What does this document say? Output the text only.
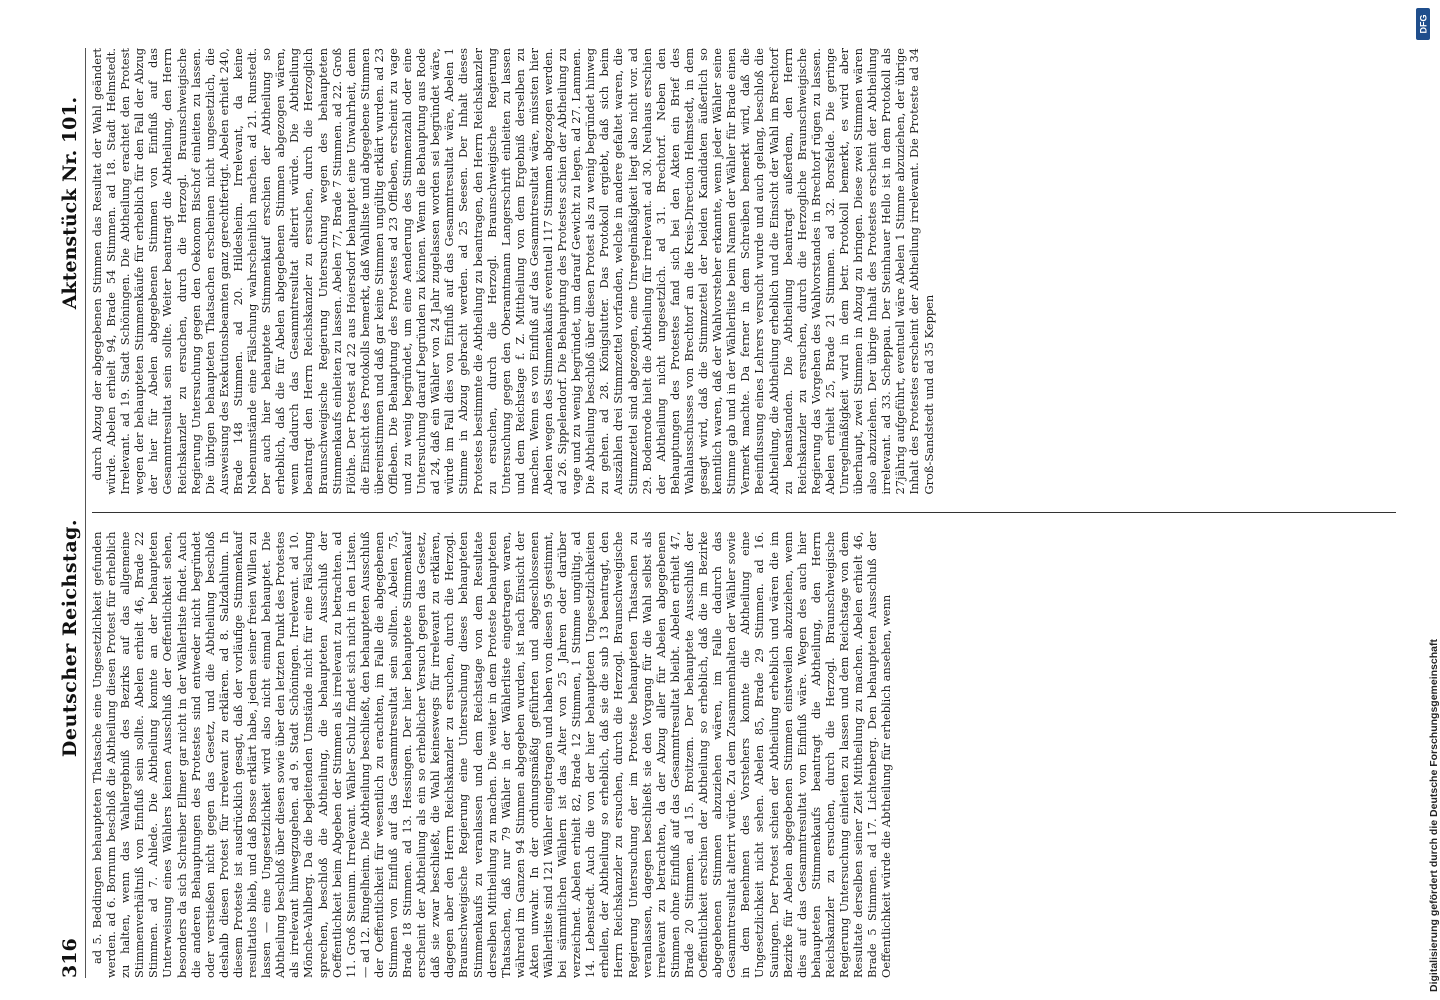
316
Deutscher Reichstag.
Aktenstück Nr. 101.

ad 5. Beddingen behaupteten Thatsache eine Ungesetzlichkeit gefunden werden. ad 6. Bornum beschloß die Abtheilung diesen Protest für erheblich zu halten, wenn das Wahlergebniß des Bezirks auf das allgemeine Stimmenverhältniß von Einfluß sein sollte. Abelen erhielt 46, Brade 22 Stimmen. ad 7. Ahlede. Die Abtheilung konnte an der behaupteten Unterweisung eines Wählers keinen Ausschluß der Oeffentlichkeit sehen, besonders da sich Schreiber Ellmer gar nicht in der Wählerliste findet. Auch die anderen Behauptungen des Protestes sind entweder nicht begründet oder verstießen nicht gegen das Gesetz, und die Abtheilung beschloß deshalb diesen Protest für irrelevant zu erklären. ad 8. Salzdahlum. In diesem Proteste ist ausdrücklich gesagt, daß der vorläufige Stimmenkauf resultatlos blieb, und daß Bosse erklärt habe, jedem seiner freien Willen zu lassen — eine Ungesetzlichkeit wird also nicht einmal behauptet. Die Abtheilung beschloß über diesen sowie über den letzten Punkt des Protestes als irrelevant hinwegzugehen. ad 9. Stadt Schöningen. Irrelevant. ad 10. Mönche-Vahlberg. Da die begleitenden Umstände nicht für eine Fälschung sprechen, beschloß die Abtheilung, die behaupteten Ausschluß der Oeffentlichkeit beim Abgeben der Stimmen als irrelevant zu betrachten. ad 11. Groß Steinum. Irrelevant. Wähler Schulz findet sich nicht in den Listen. — ad 12. Ringelheim. Die Abtheilung beschließt, den behaupteten Ausschluß der Oeffentlichkeit für wesentlich zu erachten, im Falle die abgegebenen Stimmen von Einfluß auf das Gesammtresultat sein sollten. Abelen 75, Brade 18 Stimmen. ad 13. Hessingen. Der hier behauptete Stimmenkauf erscheint der Abtheilung als ein so erheblicher Versuch gegen das Gesetz, daß sie zwar beschließt, die Wahl keineswegs für irrelevant zu erklären, dagegen aber den Herrn Reichskanzler zu ersuchen, durch die Herzogl. Braunschweigische Regierung eine Untersuchung dieses behaupteten Stimmenkaufs zu veranlassen und dem Reichstage von dem Resultate derselben Mittheilung zu machen. Die weiter in dem Proteste behaupteten Thatsachen, daß nur 79 Wähler in der Wählerliste eingetragen waren, während im Ganzen 94 Stimmen abgegeben wurden, ist nach Einsicht der Akten unwahr. In der ordnungsmäßig geführten und abgeschlossenen Wählerliste sind 121 Wähler eingetragen und haben von diesen 95 gestimmt, bei sämmtlichen Wählern ist das Alter von 25 Jahren oder darüber verzeichnet. Abelen erhielt 82, Brade 12 Stimmen, 1 Stimme ungültig. ad 14. Lebenstedt. Auch die von der hier behaupteten Ungesetzlichkeiten erhellen, der Abtheilung so erheblich, daß sie die sub 13 beantragt, den Herrn Reichskanzler zu ersuchen, durch die Herzogl. Braunschweigische Regierung Untersuchung der im Proteste behaupteten Thatsachen zu veranlassen, dagegen beschließt sie den Vorgang für die Wahl selbst als irrelevant zu betrachten, da der Abzug aller für Abelen abgegebenen Stimmen ohne Einfluß auf das Gesammtresultat bleibt. Abelen erhielt 47, Brade 20 Stimmen. ad 15. Broitzem. Der behauptete Ausschluß der Oeffentlichkeit erschien der Abtheilung so erheblich, daß die im Bezirke abgegebenen Stimmen abzuziehen wären, im Falle dadurch das Gesammtresultat alterirt würde. Zu dem Zusammenhalten der Wähler sowie in dem Benehmen des Vorstehers konnte die Abtheilung eine Ungesetzlichkeit nicht sehen. Abelen 85, Brade 29 Stimmen. ad 16. Sauingen. Der Protest schien der Abtheilung erheblich und wären die im Bezirke für Abelen abgegebenen Stimmen einstweilen abzuziehen, wenn dies auf das Gesammtresultat von Einfluß wäre. Wegen des auch hier behaupteten Stimmenkaufs beantragt die Abtheilung, den Herrn Reichskanzler zu ersuchen, durch die Herzogl. Braunschweigische Regierung Untersuchung einleiten zu lassen und dem Reichstage von dem Resultate derselben seiner Zeit Mittheilung zu machen. Abelen erhielt 46, Brade 5 Stimmen. ad 17. Lichtenberg. Den behaupteten Ausschluß der Oeffentlichkeit würde die Abtheilung für erheblich ansehen, wenn

durch Abzug der abgegebenen Stimmen das Resultat der Wahl geändert würde. Abelen erhielt 94, Brade 54 Stimmen. ad 18. Stadt Helmstedt. Irrelevant. ad 19. Stadt Schöningen. Die Abtheilung erachtet den Protest wegen der behaupteten Stimmenkäufe für erheblich für den Fall der Abzug der hier für Abelen abgegebenen Stimmen von Einfluß auf das Gesammtresultat sein sollte. Weiter beantragt die Abtheilung, den Herrn Reichskanzler zu ersuchen, durch die Herzogl. Braunschweigische Regierung Untersuchung gegen den Oekonom Bischof einleiten zu lassen. Die übrigen behaupteten Thatsachen erscheinen nicht ungesetzlich, die Ausweisung des Exekutionsbeamten ganz gerechtfertigt. Abelen erhielt 240, Brade 148 Stimmen. ad 20. Hildesheim. Irrelevant, da keine Nebenumstände eine Fälschung wahrscheinlich machen. ad 21. Runstedt. Der auch hier behauptete Stimmenkauf erschien der Abtheilung so erheblich, daß die für Abelen abgegebenen Stimmen abgezogen wären, wenn dadurch das Gesammtresultat alterirt würde. Die Abtheilung beantragt den Herrn Reichskanzler zu ersuchen, durch die Herzoglich Braunschweigische Regierung Untersuchung wegen des behaupteten Stimmenkaufs einleiten zu lassen. Abelen 77, Brade 7 Stimmen. ad 22. Groß Flöthe. Der Protest ad 22 aus Hoiersdorf behauptet eine Unwahrheit, denn die Einsicht des Protokolls bemerkt, daß Wahlliste und abgegebene Stimmen übereinstimmen und daß gar keine Stimmen ungültig erklärt wurden. ad 23 Offleben. Die Behauptung des Protestes ad 23 Offleben, erscheint zu vage und zu wenig begründet, um eine Aenderung des Stimmenzahl oder eine Untersuchung darauf begründen zu können. Wenn die Behauptung aus Rode ad 24, daß ein Wähler von 24 Jahr zugelassen worden sei begründet wäre, würde im Fall dies von Einfluß auf das Gesammtresultat wäre, Abelen 1 Stimme in Abzug gebracht werden. ad 25 Seesen. Der Inhalt dieses Protestes bestimmte die Abtheilung zu beantragen, den Herrn Reichskanzler zu ersuchen, durch die Herzogl. Braunschweigische Regierung Untersuchung gegen den Oberamtmann Langerschrift einleiten zu lassen und dem Reichstage f. Z. Mittheilung von dem Ergebniß derselben zu machen. Wenn es von Einfluß auf das Gesammtresultat wäre, müssten hier Abelen wegen des Stimmenkaufs eventuell 117 Stimmen abgezogen werden. ad 26. Sippelendorf. Die Behauptung des Protestes schien der Abtheilung zu vage und zu wenig begründet, um darauf Gewicht zu legen. ad 27. Lammen. Die Abtheilung beschloß über diesen Protest als zu wenig begründet hinweg zu gehen. ad 28. Königslutter. Das Protokoll ergiebt, daß sich beim Auszählen drei Stimmzettel vorfanden, welche in andere gefaltet waren, die Stimmzettel sind abgezogen, eine Unregelmäßigkeit liegt also nicht vor. ad 29. Bodenrode hielt die Abtheilung für irrelevant. ad 30. Neuhaus erschien der Abtheilung nicht ungesetzlich. ad 31. Brechtorf. Neben den Behauptungen des Protestes fand sich bei den Akten ein Brief des Wahlausschusses von Brechtorf an die Kreis-Direction Helmstedt, in dem gesagt wird, daß die Stimmzettel der beiden Kandidaten äußerlich so kenntlich waren, daß der Wahlvorsteher erkannte, wenn jeder Wähler seine Stimme gab und in der Wählerliste beim Namen der Wähler für Brade einen Vermerk machte. Da ferner in dem Schreiben bemerkt wird, daß die Beeinflussung eines Lehrers versucht wurde und auch gelang, beschloß die Abtheilung, die Abtheilung erheblich und die Einsicht der Wahl im Brechtorf zu beanstanden. Die Abtheilung beantragt außerdem, den Herrn Reichskanzler zu ersuchen, durch die Herzogliche Braunschweigische Regierung das Vorgehen des Wahlvorstandes in Brechtorf rügen zu lassen. Abelen erhielt 25, Brade 21 Stimmen. ad 32. Borsfelde. Die geringe Unregelmäßigkeit wird in dem betr. Protokoll bemerkt, es wird aber überhaupt, zwei Stimmen in Abzug zu bringen. Diese zwei Stimmen wären also abzuziehen. Der übrige Inhalt des Protestes erscheint der Abtheilung irrelevant. ad 33. Scheppau. Der Steinhauer Hello ist in dem Protokoll als 27jährig aufgeführt, eventuell wäre Abelen 1 Stimme abzuziehen, der übrige Inhalt des Protestes erscheint der Abtheilung irrelevant. Die Proteste ad 34 Groß-Sandstedt und ad 35 Keppen

DFG
Digitalisierung gefördert durch die Deutsche Forschungsgemeinschaft
